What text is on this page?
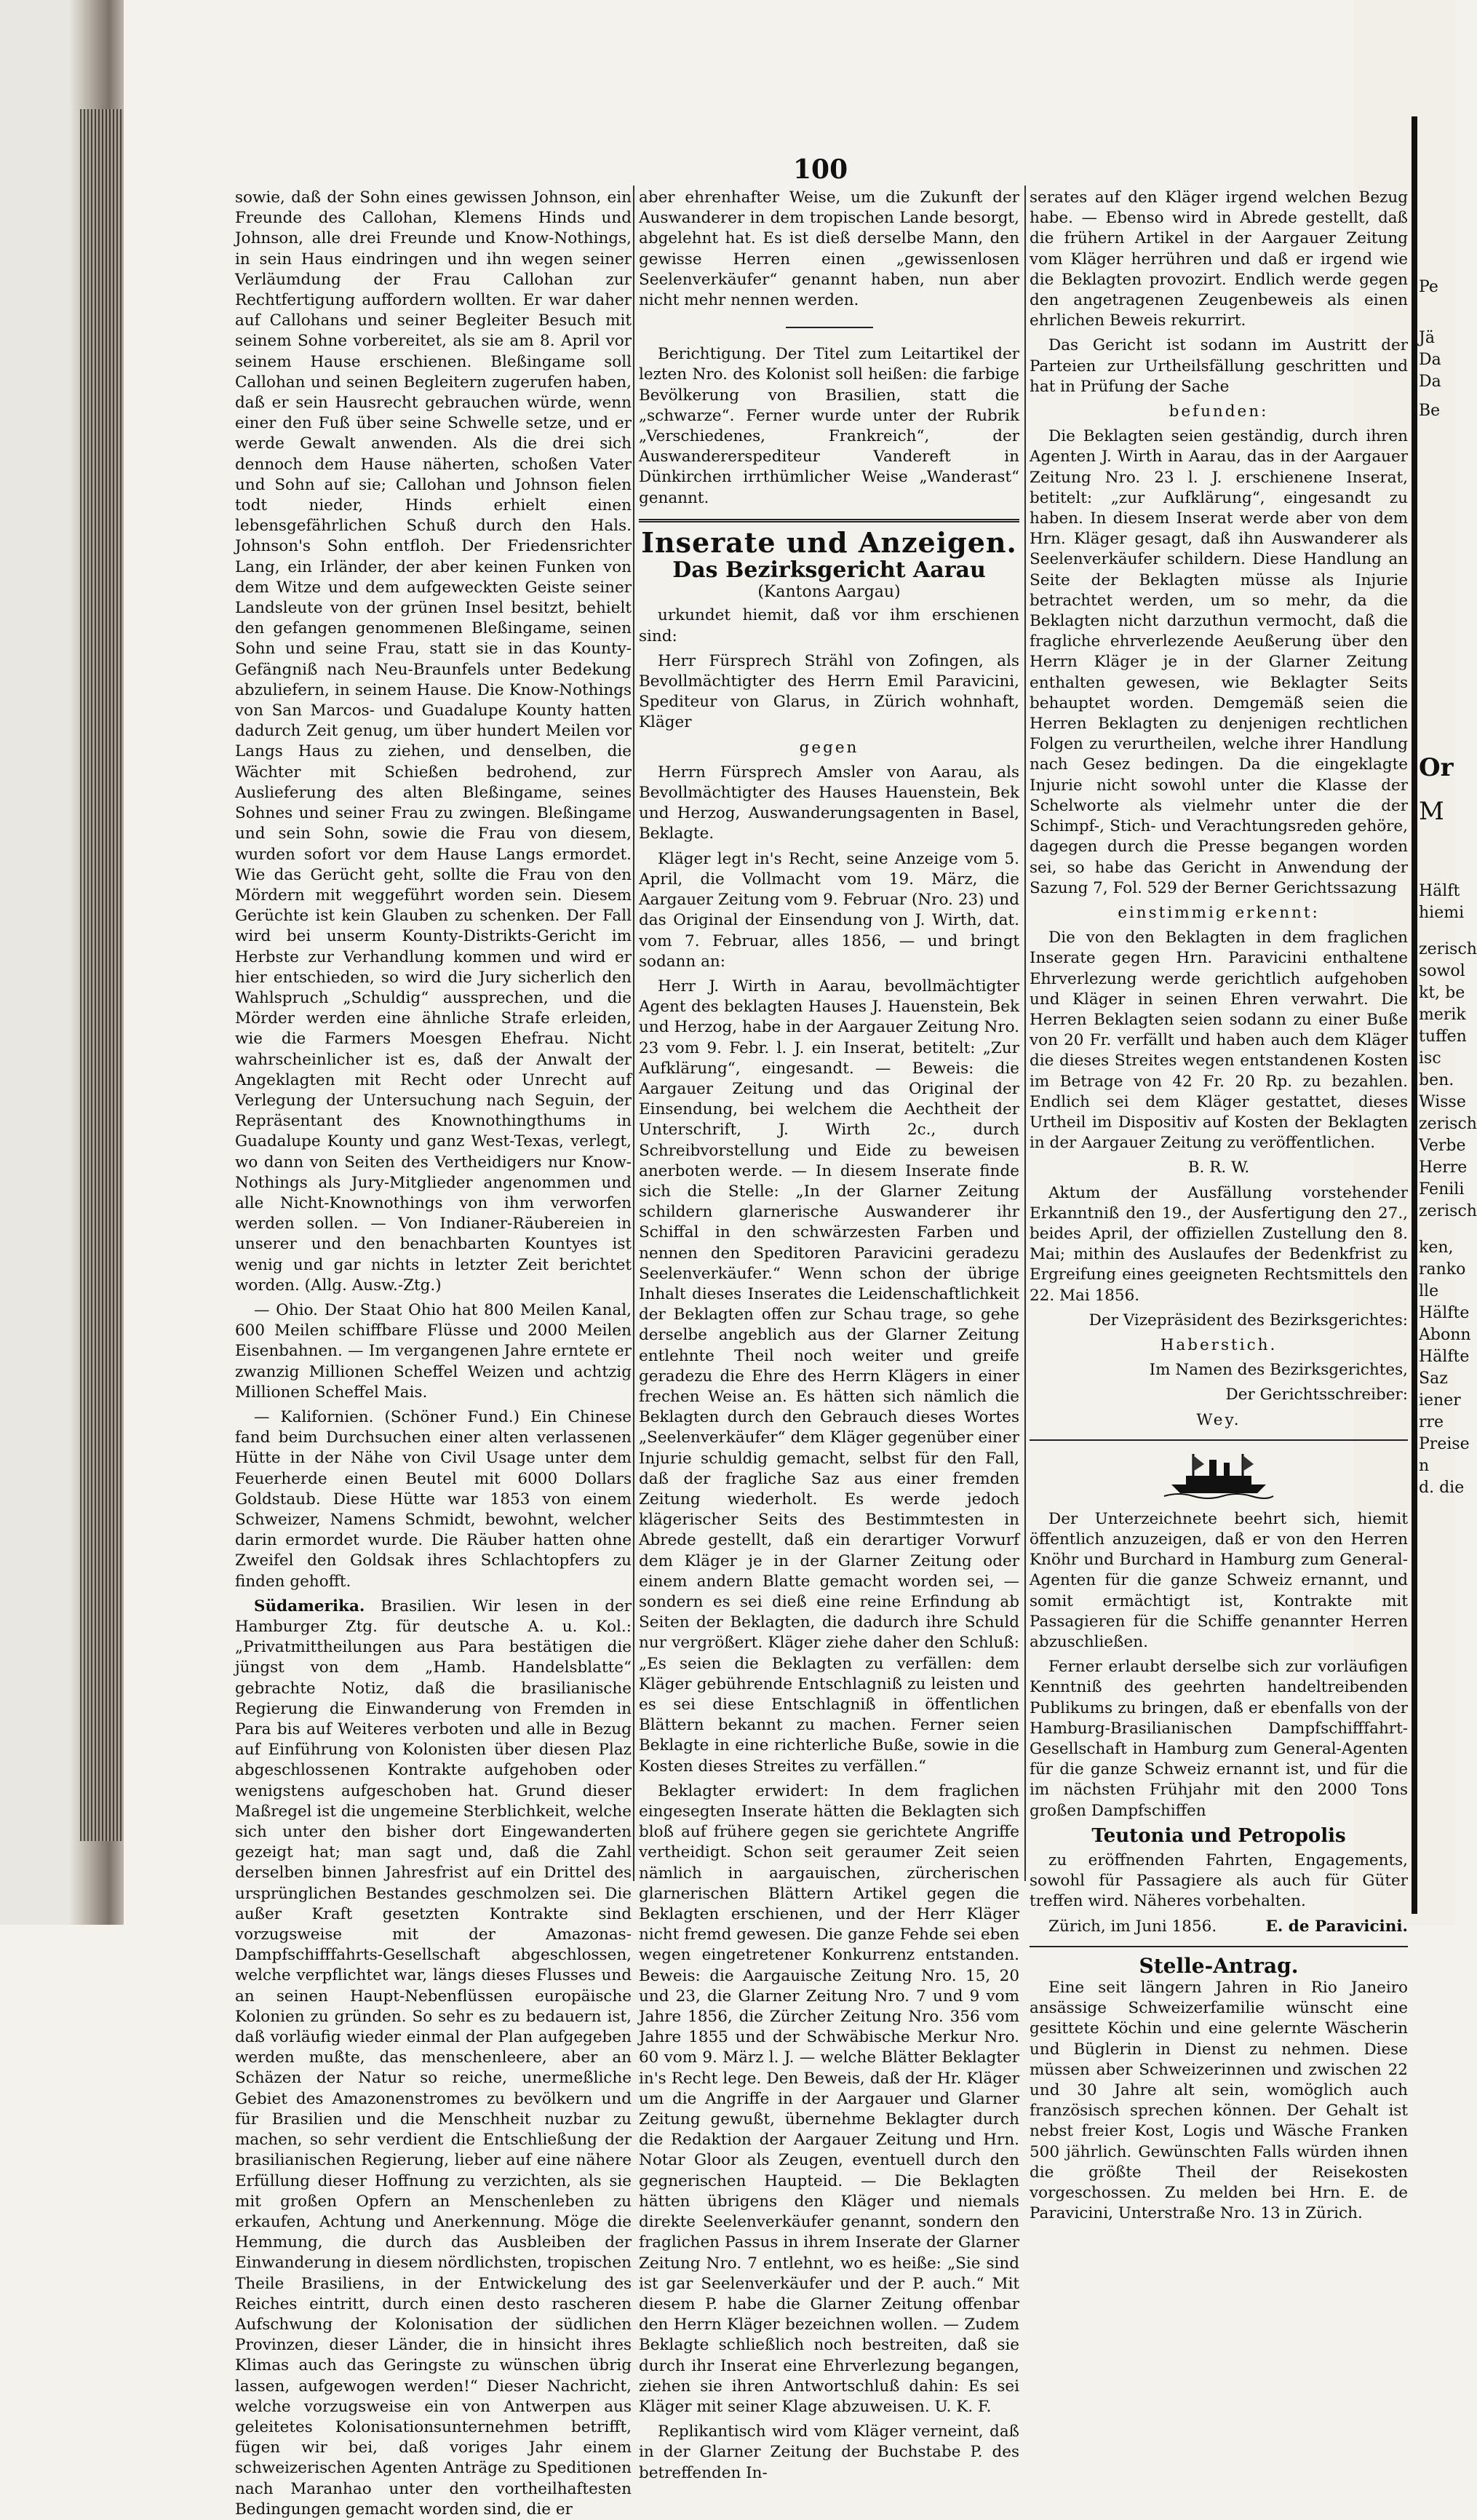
100

sowie, daß der Sohn eines gewissen Johnson, ein Freunde des Callohan, Klemens Hinds und Johnson, alle drei Freunde und Know-Nothings, in sein Haus eindringen und ihn wegen seiner Verläumdung der Frau Callohan zur Rechtfertigung auffordern wollten. Er war daher auf Callohans und seiner Begleiter Besuch mit seinem Sohne vorbereitet, als sie am 8. April vor seinem Hause erschienen. Bleßingame soll Callohan und seinen Begleitern zugerufen haben, daß er sein Hausrecht gebrauchen würde, wenn einer den Fuß über seine Schwelle setze, und er werde Gewalt anwenden. Als die drei sich dennoch dem Hause näherten, schoßen Vater und Sohn auf sie; Callohan und Johnson fielen todt nieder, Hinds erhielt einen lebensgefährlichen Schuß durch den Hals. Johnson's Sohn entfloh. Der Friedensrichter Lang, ein Irländer, der aber keinen Funken von dem Witze und dem aufgeweckten Geiste seiner Landsleute von der grünen Insel besitzt, behielt den gefangen genommenen Bleßingame, seinen Sohn und seine Frau, statt sie in das Kounty-Gefängniß nach Neu-Braunfels unter Bedekung abzuliefern, in seinem Hause. Die Know-Nothings von San Marcos- und Guadalupe Kounty hatten dadurch Zeit genug, um über hundert Meilen vor Langs Haus zu ziehen, und denselben, die Wächter mit Schießen bedrohend, zur Auslieferung des alten Bleßingame, seines Sohnes und seiner Frau zu zwingen. Bleßingame und sein Sohn, sowie die Frau von diesem, wurden sofort vor dem Hause Langs ermordet. Wie das Gerücht geht, sollte die Frau von den Mördern mit weggeführt worden sein. Diesem Gerüchte ist kein Glauben zu schenken. Der Fall wird bei unserm Kounty-Distrikts-Gericht im Herbste zur Verhandlung kommen und wird er hier entschieden, so wird die Jury sicherlich den Wahlspruch „Schuldig“ aussprechen, und die Mörder werden eine ähnliche Strafe erleiden, wie die Farmers Moesgen Ehefrau. Nicht wahrscheinlicher ist es, daß der Anwalt der Angeklagten mit Recht oder Unrecht auf Verlegung der Untersuchung nach Seguin, der Repräsentant des Knownothingthums in Guadalupe Kounty und ganz West-Texas, verlegt, wo dann von Seiten des Vertheidigers nur Know-Nothings als Jury-Mitglieder angenommen und alle Nicht-Knownothings von ihm verworfen werden sollen. — Von Indianer-Räubereien in unserer und den benachbarten Kountyes ist wenig und gar nichts in letzter Zeit berichtet worden. (Allg. Ausw.-Ztg.)

— Ohio. Der Staat Ohio hat 800 Meilen Kanal, 600 Meilen schiffbare Flüsse und 2000 Meilen Eisenbahnen. — Im vergangenen Jahre erntete er zwanzig Millionen Scheffel Weizen und achtzig Millionen Scheffel Mais.

— Kalifornien. (Schöner Fund.) Ein Chinese fand beim Durchsuchen einer alten verlassenen Hütte in der Nähe von Civil Usage unter dem Feuerherde einen Beutel mit 6000 Dollars Goldstaub. Diese Hütte war 1853 von einem Schweizer, Namens Schmidt, bewohnt, welcher darin ermordet wurde. Die Räuber hatten ohne Zweifel den Goldsak ihres Schlachtopfers zu finden gehofft.

Südamerika. Brasilien. Wir lesen in der Hamburger Ztg. für deutsche A. u. Kol.: „Privatmittheilungen aus Para bestätigen die jüngst von dem „Hamb. Handelsblatte“ gebrachte Notiz, daß die brasilianische Regierung die Einwanderung von Fremden in Para bis auf Weiteres verboten und alle in Bezug auf Einführung von Kolonisten über diesen Plaz abgeschlossenen Kontrakte aufgehoben oder wenigstens aufgeschoben hat. Grund dieser Maßregel ist die ungemeine Sterblichkeit, welche sich unter den bisher dort Eingewanderten gezeigt hat; man sagt und, daß die Zahl derselben binnen Jahresfrist auf ein Drittel des ursprünglichen Bestandes geschmolzen sei. Die außer Kraft gesetzten Kontrakte sind vorzugsweise mit der Amazonas-Dampfschifffahrts-Gesellschaft abgeschlossen, welche verpflichtet war, längs dieses Flusses und an seinen Haupt-Nebenflüssen europäische Kolonien zu gründen. So sehr es zu bedauern ist, daß vorläufig wieder einmal der Plan aufgegeben werden mußte, das menschenleere, aber an Schäzen der Natur so reiche, unermeßliche Gebiet des Amazonenstromes zu bevölkern und für Brasilien und die Menschheit nuzbar zu machen, so sehr verdient die Entschließung der brasilianischen Regierung, lieber auf eine nähere Erfüllung dieser Hoffnung zu verzichten, als sie mit großen Opfern an Menschenleben zu erkaufen, Achtung und Anerkennung. Möge die Hemmung, die durch das Ausbleiben der Einwanderung in diesem nördlichsten, tropischen Theile Brasiliens, in der Entwickelung des Reiches eintritt, durch einen desto rascheren Aufschwung der Kolonisation der südlichen Provinzen, dieser Länder, die in hinsicht ihres Klimas auch das Geringste zu wünschen übrig lassen, aufgewogen werden!“ Dieser Nachricht, welche vorzugsweise ein von Antwerpen aus geleitetes Kolonisationsunternehmen betrifft, fügen wir bei, daß voriges Jahr einem schweizerischen Agenten Anträge zu Speditionen nach Maranhao unter den vortheilhaftesten Bedingungen gemacht worden sind, die er

aber ehrenhafter Weise, um die Zukunft der Auswanderer in dem tropischen Lande besorgt, abgelehnt hat. Es ist dieß derselbe Mann, den gewisse Herren einen „gewissenlosen Seelenverkäufer“ genannt haben, nun aber nicht mehr nennen werden.

Berichtigung. Der Titel zum Leitartikel der lezten Nro. des Kolonist soll heißen: die farbige Bevölkerung von Brasilien, statt die „schwarze“. Ferner wurde unter der Rubrik „Verschiedenes, Frankreich“, der Auswandererspediteur Vandereft in Dünkirchen irrthümlicher Weise „Wanderast“ genannt.

Inserate und Anzeigen.
Das Bezirksgericht Aarau
(Kantons Aargau)

urkundet hiemit, daß vor ihm erschienen sind:

Herr Fürsprech Strähl von Zofingen, als Bevollmächtigter des Herrn Emil Paravicini, Spediteur von Glarus, in Zürich wohnhaft, Kläger

gegen

Herrn Fürsprech Amsler von Aarau, als Bevollmächtigter des Hauses Hauenstein, Bek und Herzog, Auswanderungsagenten in Basel, Beklagte.

Kläger legt in's Recht, seine Anzeige vom 5. April, die Vollmacht vom 19. März, die Aargauer Zeitung vom 9. Februar (Nro. 23) und das Original der Einsendung von J. Wirth, dat. vom 7. Februar, alles 1856, — und bringt sodann an:

Herr J. Wirth in Aarau, bevollmächtigter Agent des beklagten Hauses J. Hauenstein, Bek und Herzog, habe in der Aargauer Zeitung Nro. 23 vom 9. Febr. l. J. ein Inserat, betitelt: „Zur Aufklärung“, eingesandt. — Beweis: die Aargauer Zeitung und das Original der Einsendung, bei welchem die Aechtheit der Unterschrift, J. Wirth 2c., durch Schreibvorstellung und Eide zu beweisen anerboten werde. — In diesem Inserate finde sich die Stelle: „In der Glarner Zeitung schildern glarnerische Auswanderer ihr Schiffal in den schwärzesten Farben und nennen den Speditoren Paravicini geradezu Seelenverkäufer.“ Wenn schon der übrige Inhalt dieses Inserates die Leidenschaftlichkeit der Beklagten offen zur Schau trage, so gehe derselbe angeblich aus der Glarner Zeitung entlehnte Theil noch weiter und greife geradezu die Ehre des Herrn Klägers in einer frechen Weise an. Es hätten sich nämlich die Beklagten durch den Gebrauch dieses Wortes „Seelenverkäufer“ dem Kläger gegenüber einer Injurie schuldig gemacht, selbst für den Fall, daß der fragliche Saz aus einer fremden Zeitung wiederholt. Es werde jedoch klägerischer Seits des Bestimmtesten in Abrede gestellt, daß ein derartiger Vorwurf dem Kläger je in der Glarner Zeitung oder einem andern Blatte gemacht worden sei, — sondern es sei dieß eine reine Erfindung ab Seiten der Beklagten, die dadurch ihre Schuld nur vergrößert. Kläger ziehe daher den Schluß: „Es seien die Beklagten zu verfällen: dem Kläger gebührende Entschlagniß zu leisten und es sei diese Entschlagniß in öffentlichen Blättern bekannt zu machen. Ferner seien Beklagte in eine richterliche Buße, sowie in die Kosten dieses Streites zu verfällen.“

Beklagter erwidert: In dem fraglichen eingesegten Inserate hätten die Beklagten sich bloß auf frühere gegen sie gerichtete Angriffe vertheidigt. Schon seit geraumer Zeit seien nämlich in aargauischen, zürcherischen glarnerischen Blättern Artikel gegen die Beklagten erschienen, und der Herr Kläger nicht fremd gewesen. Die ganze Fehde sei eben wegen eingetretener Konkurrenz entstanden. Beweis: die Aargauische Zeitung Nro. 15, 20 und 23, die Glarner Zeitung Nro. 7 und 9 vom Jahre 1856, die Zürcher Zeitung Nro. 356 vom Jahre 1855 und der Schwäbische Merkur Nro. 60 vom 9. März l. J. — welche Blätter Beklagter in's Recht lege. Den Beweis, daß der Hr. Kläger um die Angriffe in der Aargauer und Glarner Zeitung gewußt, übernehme Beklagter durch die Redaktion der Aargauer Zeitung und Hrn. Notar Gloor als Zeugen, eventuell durch den gegnerischen Haupteid. — Die Beklagten hätten übrigens den Kläger und niemals direkte Seelenverkäufer genannt, sondern den fraglichen Passus in ihrem Inserate der Glarner Zeitung Nro. 7 entlehnt, wo es heiße: „Sie sind ist gar Seelenverkäufer und der P. auch.“ Mit diesem P. habe die Glarner Zeitung offenbar den Herrn Kläger bezeichnen wollen. — Zudem Beklagte schließlich noch bestreiten, daß sie durch ihr Inserat eine Ehrverlezung begangen, ziehen sie ihren Antwortschluß dahin: Es sei Kläger mit seiner Klage abzuweisen. U. K. F.

Replikantisch wird vom Kläger verneint, daß in der Glarner Zeitung der Buchstabe P. des betreffenden In-

serates auf den Kläger irgend welchen Bezug habe. — Ebenso wird in Abrede gestellt, daß die frühern Artikel in der Aargauer Zeitung vom Kläger herrühren und daß er irgend wie die Beklagten provozirt. Endlich werde gegen den angetragenen Zeugenbeweis als einen ehrlichen Beweis rekurrirt.

Das Gericht ist sodann im Austritt der Parteien zur Urtheilsfällung geschritten und hat in Prüfung der Sache

befunden:

Die Beklagten seien geständig, durch ihren Agenten J. Wirth in Aarau, das in der Aargauer Zeitung Nro. 23 l. J. erschienene Inserat, betitelt: „zur Aufklärung“, eingesandt zu haben. In diesem Inserat werde aber von dem Hrn. Kläger gesagt, daß ihn Auswanderer als Seelenverkäufer schildern. Diese Handlung an Seite der Beklagten müsse als Injurie betrachtet werden, um so mehr, da die Beklagten nicht darzuthun vermocht, daß die fragliche ehrverlezende Aeußerung über den Herrn Kläger je in der Glarner Zeitung enthalten gewesen, wie Beklagter Seits behauptet worden. Demgemäß seien die Herren Beklagten zu denjenigen rechtlichen Folgen zu verurtheilen, welche ihrer Handlung nach Gesez bedingen. Da die eingeklagte Injurie nicht sowohl unter die Klasse der Schelworte als vielmehr unter die der Schimpf-, Stich- und Verachtungsreden gehöre, dagegen durch die Presse begangen worden sei, so habe das Gericht in Anwendung der Sazung 7, Fol. 529 der Berner Gerichtssazung

einstimmig erkennt:

Die von den Beklagten in dem fraglichen Inserate gegen Hrn. Paravicini enthaltene Ehrverlezung werde gerichtlich aufgehoben und Kläger in seinen Ehren verwahrt. Die Herren Beklagten seien sodann zu einer Buße von 20 Fr. verfällt und haben auch dem Kläger die dieses Streites wegen entstandenen Kosten im Betrage von 42 Fr. 20 Rp. zu bezahlen. Endlich sei dem Kläger gestattet, dieses Urtheil im Dispositiv auf Kosten der Beklagten in der Aargauer Zeitung zu veröffentlichen.

B. R. W.

Aktum der Ausfällung vorstehender Erkanntniß den 19., der Ausfertigung den 27., beides April, der offiziellen Zustellung den 8. Mai; mithin des Auslaufes der Bedenkfrist zu Ergreifung eines geeigneten Rechtsmittels den 22. Mai 1856.

Der Vizepräsident des Bezirksgerichtes:

Haberstich.

Im Namen des Bezirksgerichtes,

Der Gerichtsschreiber:

Wey.

Der Unterzeichnete beehrt sich, hiemit öffentlich anzuzeigen, daß er von den Herren Knöhr und Burchard in Hamburg zum General-Agenten für die ganze Schweiz ernannt, und somit ermächtigt ist, Kontrakte mit Passagieren für die Schiffe genannter Herren abzuschließen.

Ferner erlaubt derselbe sich zur vorläufigen Kenntniß des geehrten handeltreibenden Publikums zu bringen, daß er ebenfalls von der Hamburg-Brasilianischen Dampfschifffahrt-Gesellschaft in Hamburg zum General-Agenten für die ganze Schweiz ernannt ist, und für die im nächsten Frühjahr mit den 2000 Tons großen Dampfschiffen

Teutonia und Petropolis

zu eröffnenden Fahrten, Engagements, sowohl für Passagiere als auch für Güter treffen wird. Näheres vorbehalten.

Zürich, im Juni 1856.	E. de Paravicini.

Stelle-Antrag.

Eine seit längern Jahren in Rio Janeiro ansässige Schweizerfamilie wünscht eine gesittete Köchin und eine gelernte Wäscherin und Büglerin in Dienst zu nehmen. Diese müssen aber Schweizerinnen und zwischen 22 und 30 Jahre alt sein, womöglich auch französisch sprechen können. Der Gehalt ist nebst freier Kost, Logis und Wäsche Franken 500 jährlich. Gewünschten Falls würden ihnen die größte Theil der Reisekosten vorgeschossen. Zu melden bei Hrn. E. de Paravicini, Unterstraße Nro. 13 in Zürich.

Pe
Jä
Da
Da
Be
Or
M
Hälft
hiemi
zerisch
sowol
kt, be
merik
tuffen
isc
ben.
Wisse
zerisch
Verbe
Herre
Fenili
zerisch
ken,
ranko
lle
Hälfte
Abonn
Hälfte
Saz
iener
rre
Preise
n
d. die
